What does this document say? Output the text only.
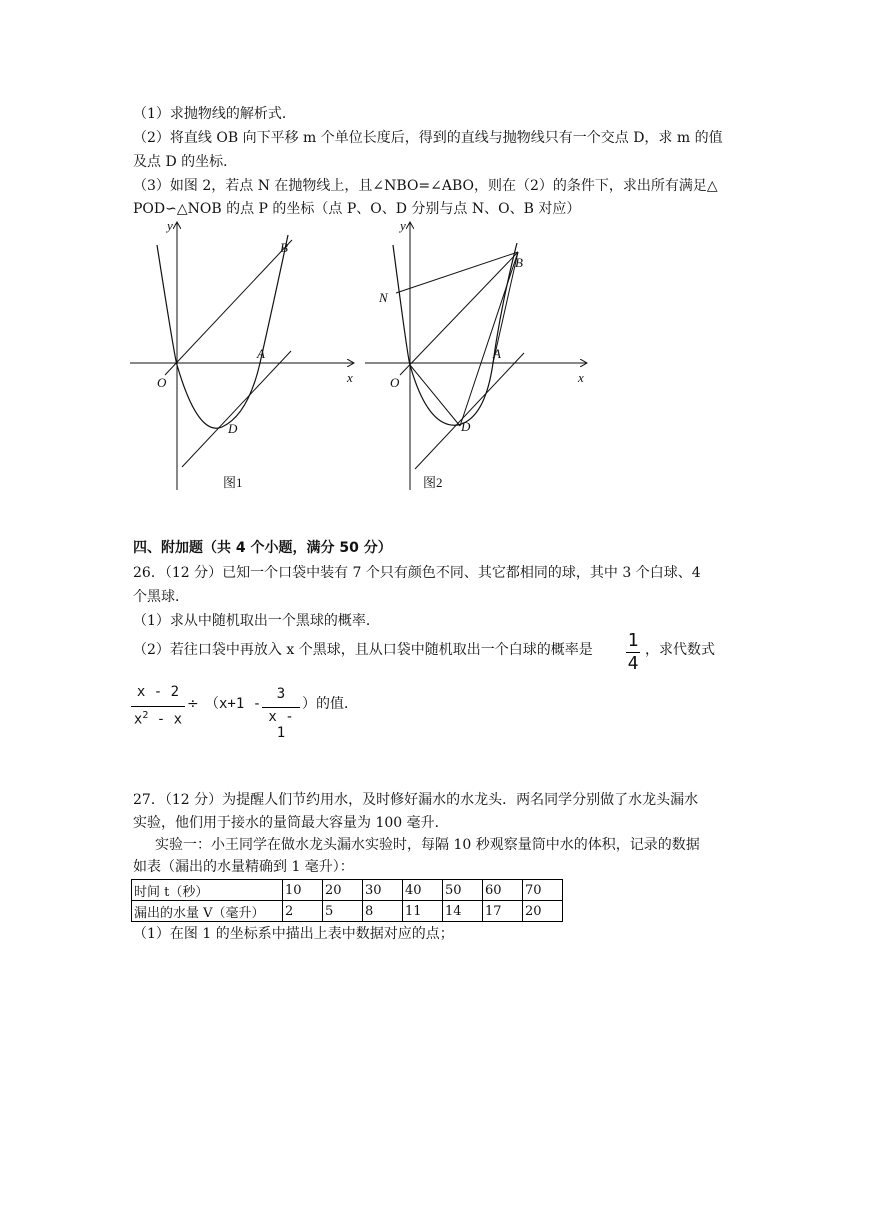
（1）求抛物线的解析式．
（2）将直线 OB 向下平移 m 个单位长度后，得到的直线与抛物线只有一个交点 D，求 m 的值
及点 D 的坐标．
（3）如图 2，若点 N 在抛物线上，且∠NBO=∠ABO，则在（2）的条件下，求出所有满足△
POD∽△NOB 的点 P 的坐标（点 P、O、D 分别与点 N、O、B 对应）
y
x
O
A
B
D
图1
y
x
O
A
B
D
N
图2
四、附加题（共 4 个小题，满分 50 分）
26．（12 分）已知一个口袋中装有 7 个只有颜色不同、其它都相同的球，其中 3 个白球、4
个黑球．
（1）求从中随机取出一个黑球的概率．
（2）若往口袋中再放入 x 个黑球，且从口袋中随机取出一个白球的概率是 1
4
，求代数式
x - 2
$x^2$ - x
÷ （x+1 -
3
x - 1
）的值．
27．（12 分）为提醒人们节约用水，及时修好漏水的水龙头．两名同学分别做了水龙头漏水
实验，他们用于接水的量筒最大容量为 100 毫升．
实验一：小王同学在做水龙头漏水实验时，每隔 10 秒观察量筒中水的体积，记录的数据
如表（漏出的水量精确到 1 毫升）：
时间 t（秒）	10	20	30	40	50	60	70
漏出的水量 V（毫升）	2	5	8	11	14	17	20
（1）在图 1 的坐标系中描出上表中数据对应的点；
